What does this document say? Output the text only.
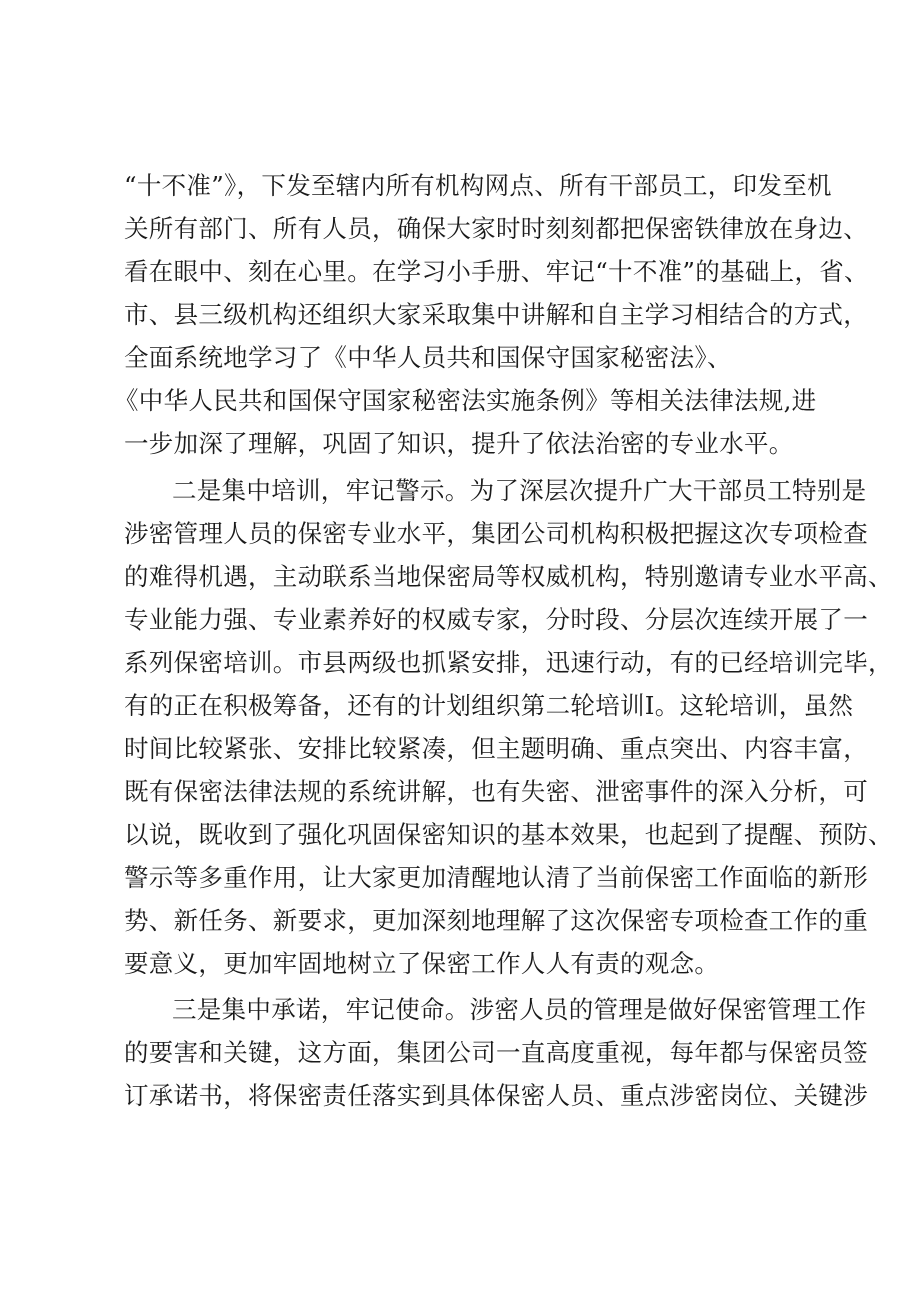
“十不准”》，下发至辖内所有机构网点、所有干部员工，印发至机
关所有部门、所有人员，确保大家时时刻刻都把保密铁律放在身边、
看在眼中、刻在心里。在学习小手册、牢记“十不准”的基础上，省、
市、县三级机构还组织大家采取集中讲解和自主学习相结合的方式，
全面系统地学习了《中华人员共和国保守国家秘密法》、
《中华人民共和国保守国家秘密法实施条例》等相关法律法规,进
一步加深了理解，巩固了知识，提升了依法治密的专业水平。
二是集中培训，牢记警示。为了深层次提升广大干部员工特别是
涉密管理人员的保密专业水平，集团公司机构积极把握这次专项检查
的难得机遇，主动联系当地保密局等权威机构，特别邀请专业水平高、
专业能力强、专业素养好的权威专家，分时段、分层次连续开展了一
系列保密培训。市县两级也抓紧安排，迅速行动，有的已经培训完毕，
有的正在积极筹备，还有的计划组织第二轮培训I。这轮培训，虽然
时间比较紧张、安排比较紧凑，但主题明确、重点突出、内容丰富，
既有保密法律法规的系统讲解，也有失密、泄密事件的深入分析，可
以说，既收到了强化巩固保密知识的基本效果，也起到了提醒、预防、
警示等多重作用，让大家更加清醒地认清了当前保密工作面临的新形
势、新任务、新要求，更加深刻地理解了这次保密专项检查工作的重
要意义，更加牢固地树立了保密工作人人有责的观念。
三是集中承诺，牢记使命。涉密人员的管理是做好保密管理工作
的要害和关键，这方面，集团公司一直高度重视，每年都与保密员签
订承诺书，将保密责任落实到具体保密人员、重点涉密岗位、关键涉
